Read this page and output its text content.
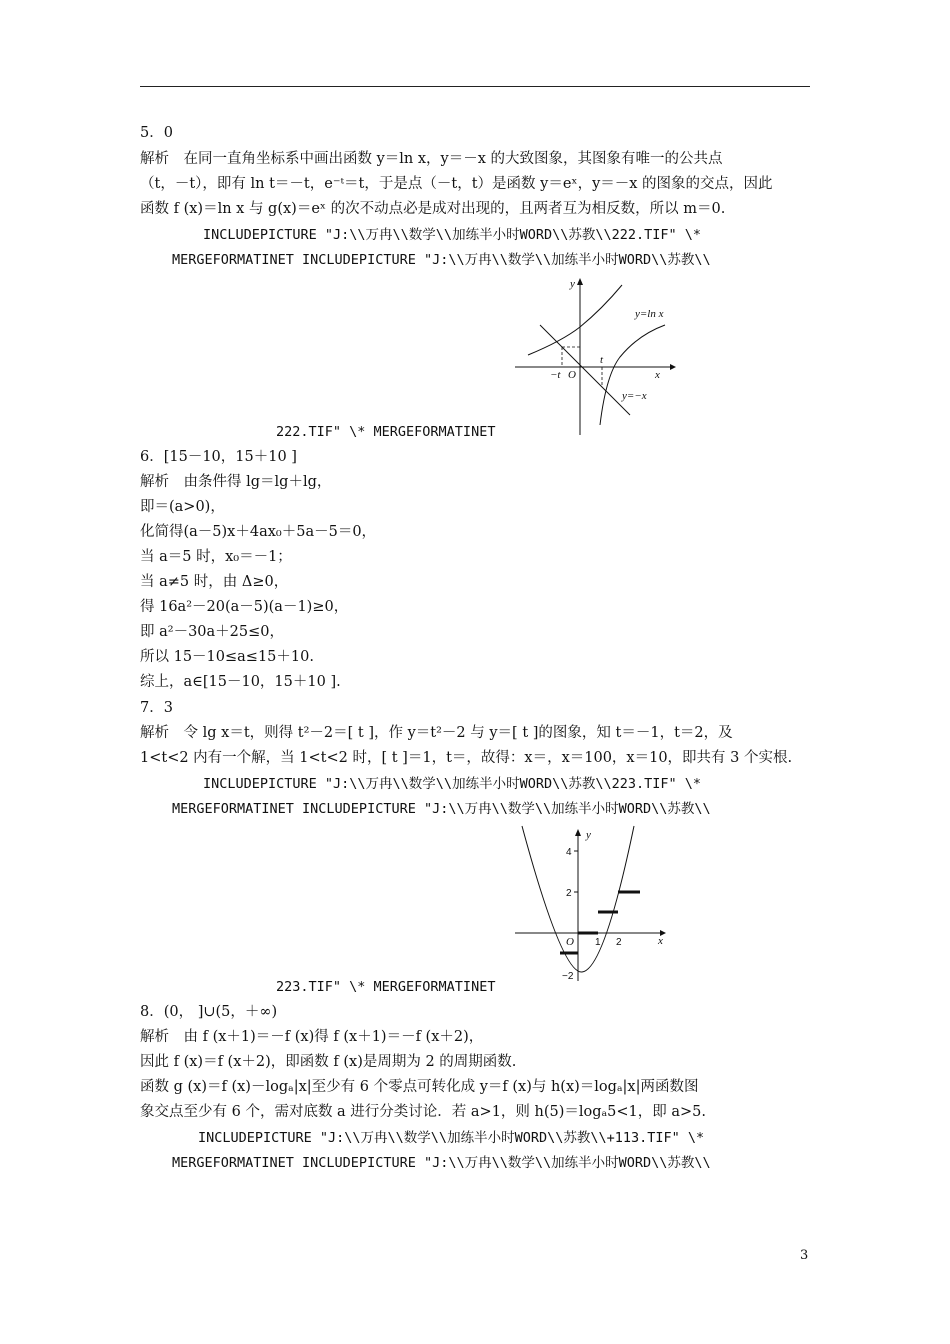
5．0
解析　在同一直角坐标系中画出函数 y＝ln x，y＝－x 的大致图象，其图象有唯一的公共点
（t，－t），即有 ln t＝－t，e⁻ᵗ＝t，于是点（－t，t）是函数 y＝eˣ，y＝－x 的图象的交点，因此
函数 f (x)＝ln x 与 g(x)＝eˣ 的次不动点必是成对出现的，且两者互为相反数，所以 m＝0.
INCLUDEPICTURE "J:\\万冉\\数学\\加练半小时WORD\\苏教\\222.TIF" \*
MERGEFORMATINET INCLUDEPICTURE "J:\\万冉\\数学\\加练半小时WORD\\苏教\\
y
x
O
−t
t
y=ln x
y=−x
222.TIF" \* MERGEFORMATINET
6．[15－10，15＋10 ]
解析　由条件得 lg＝lg＋lg，
即＝(a>0)，
化简得(a－5)x＋4ax₀＋5a－5＝0，
当 a＝5 时，x₀＝－1；
当 a≠5 时，由 Δ≥0，
得 16a²－20(a－5)(a－1)≥0，
即 a²－30a＋25≤0，
所以 15－10≤a≤15＋10.
综上，a∈[15－10，15＋10 ].
7．3
解析　令 lg x＝t，则得 t²－2＝[ t ]，作 y＝t²－2 与 y＝[ t ]的图象，知 t＝－1，t＝2，及
1<t<2 内有一个解，当 1<t<2 时，[ t ]＝1，t＝，故得：x＝，x＝100，x＝10，即共有 3 个实根.
INCLUDEPICTURE "J:\\万冉\\数学\\加练半小时WORD\\苏教\\223.TIF" \*
MERGEFORMATINET INCLUDEPICTURE "J:\\万冉\\数学\\加练半小时WORD\\苏教\\
y
x
O
4
2
−2
1 2
223.TIF" \* MERGEFORMATINET
8．(0， ]∪(5，＋∞)
解析　由 f (x＋1)＝－f (x)得 f (x＋1)＝－f (x＋2)，
因此 f (x)＝f (x＋2)，即函数 f (x)是周期为 2 的周期函数.
函数 g (x)＝f (x)－logₐ|x|至少有 6 个零点可转化成 y＝f (x)与 h(x)＝logₐ|x|两函数图
象交点至少有 6 个，需对底数 a 进行分类讨论．若 a>1，则 h(5)＝logₐ5<1，即 a>5.
INCLUDEPICTURE "J:\\万冉\\数学\\加练半小时WORD\\苏教\\+113.TIF" \*
MERGEFORMATINET INCLUDEPICTURE "J:\\万冉\\数学\\加练半小时WORD\\苏教\\
3
